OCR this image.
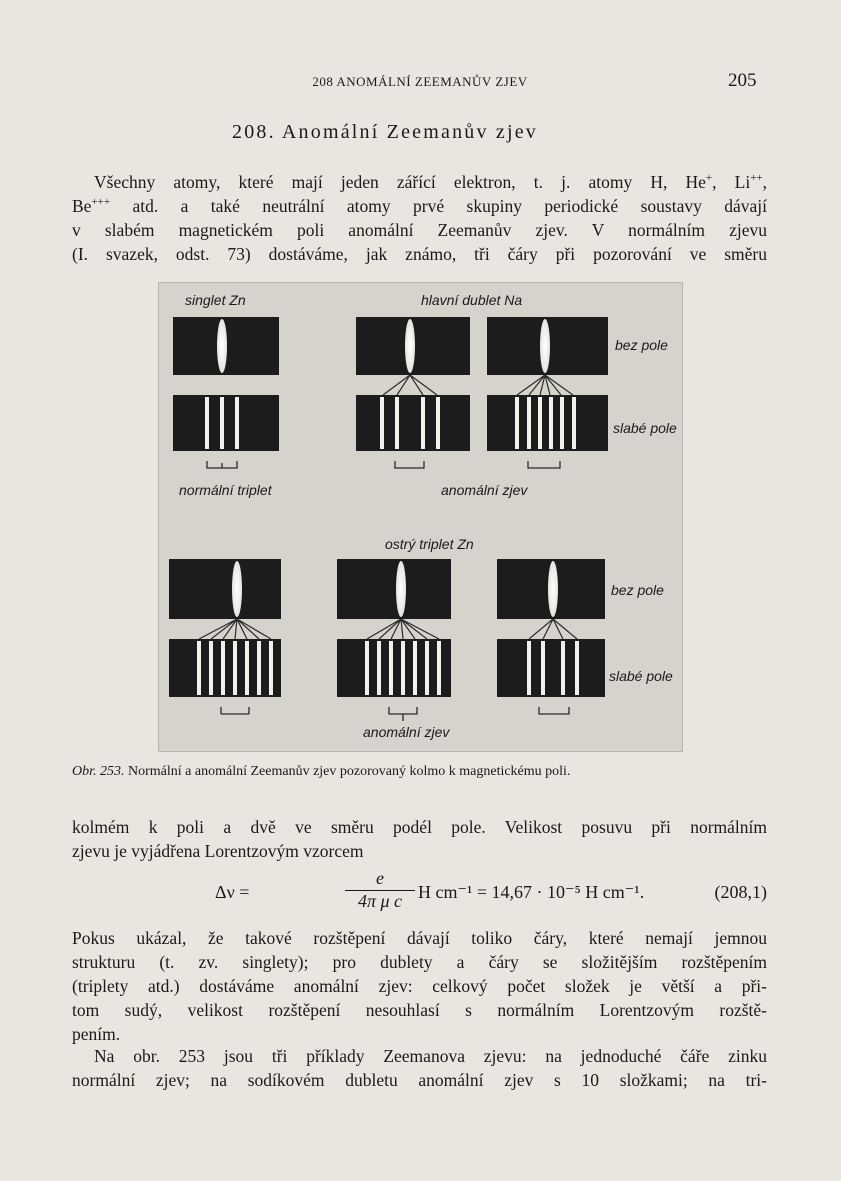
208 ANOMÁLNÍ ZEEMANŮV ZJEV	205
208. Anomální Zeemanův zjev
Všechny atomy, které mají jeden zářící elektron, t. j. atomy H, He+, Li++,
Be+++ atd. a také neutrální atomy prvé skupiny periodické soustavy dávají
v slabém magnetickém poli anomální Zeemanův zjev. V normálním zjevu
(I. svazek, odst. 73) dostáváme, jak známo, tři čáry při pozorování ve směru
singlet Zn	hlavní dublet Na
bez pole
slabé pole
normální triplet	anomální zjev
ostrý triplet Zn
bez pole
slabé pole
anomální zjev
Obr. 253. Normální a anomální Zeemanův zjev pozorovaný kolmo k magnetickému poli.
kolmém k poli a dvě ve směru podél pole. Velikost posuvu při normálním
zjevu je vyjádřena Lorentzovým vzorcem
Δν =
e
4π μ c H cm⁻¹ = 14,67 · 10⁻⁵ H cm⁻¹.	(208,1)
Pokus ukázal, že takové rozštěpení dávají toliko čáry, které nemají jemnou
strukturu (t. zv. singlety); pro dublety a čáry se složitějším rozštěpením
(triplety atd.) dostáváme anomální zjev: celkový počet složek je větší a při-
tom sudý, velikost rozštěpení nesouhlasí s normálním Lorentzovým rozště-
pením.
Na obr. 253 jsou tři příklady Zeemanova zjevu: na jednoduché čáře zinku
normální zjev; na sodíkovém dubletu anomální zjev s 10 složkami; na tri-
